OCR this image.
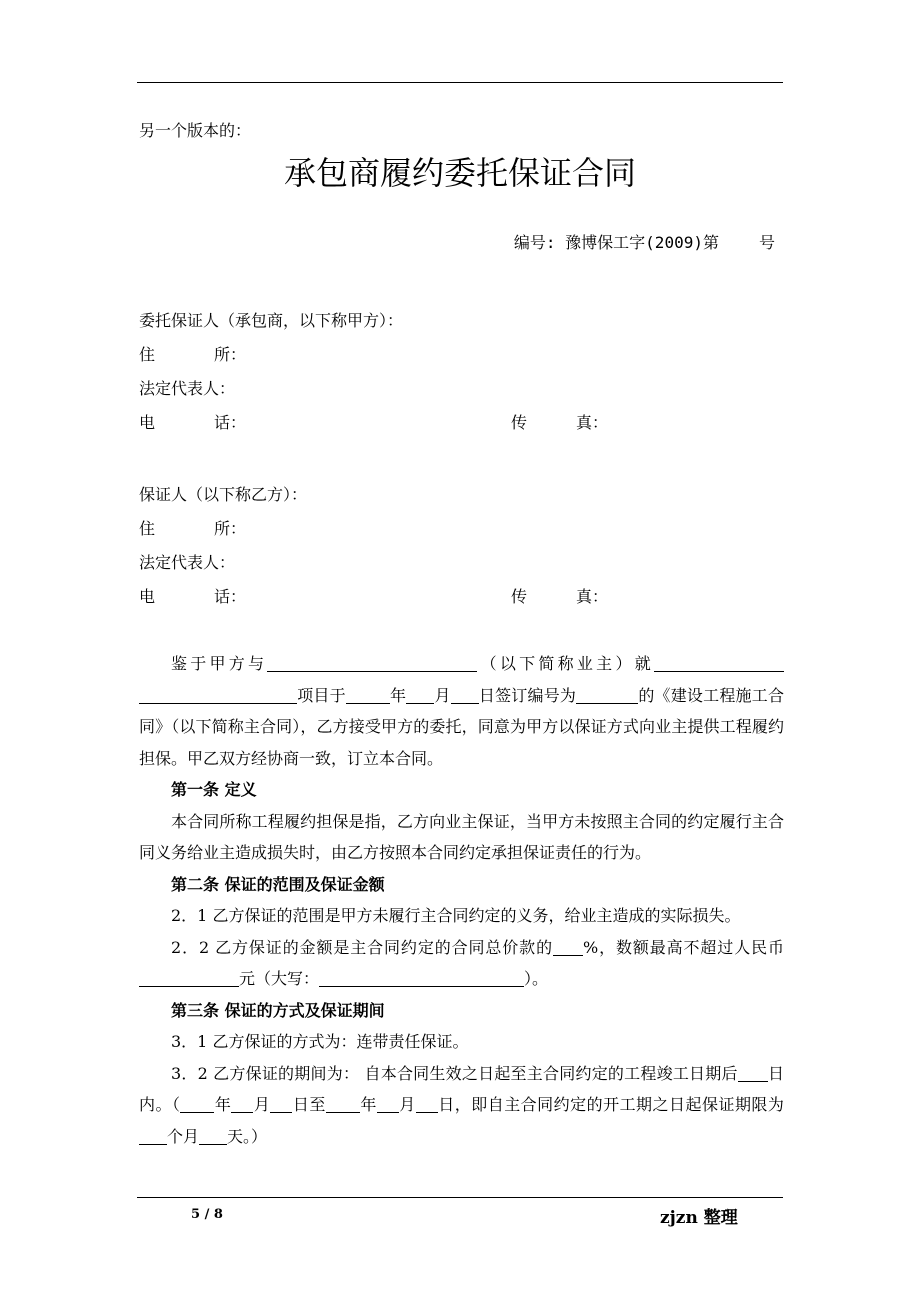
另一个版本的：
承包商履约委托保证合同
编号: 豫博保工字(2009)第	号
委托保证人（承包商，以下称甲方）：
住	所：
法定代表人：
电	话：	传	真：
保证人（以下称乙方）：
住	所：
法定代表人：
电	话：	传	真：

鉴于甲方与	（以下简称业主）就项目于	年 月 日签订编号为	的《建设工程施工合同》（以下简称主合同），乙方接受甲方的委托，同意为甲方以保证方式向业主提供工程履约担保。甲乙双方经协商一致，订立本合同。

第一条 定义

本合同所称工程履约担保是指，乙方向业主保证，当甲方未按照主合同的约定履行主合同义务给业主造成损失时，由乙方按照本合同约定承担保证责任的行为。

第二条 保证的范围及保证金额

2．1 乙方保证的范围是甲方未履行主合同约定的义务，给业主造成的实际损失。

2．2 乙方保证的金额是主合同约定的合同总价款的 %，数额最高不超过人民币元（大写：	）。

第三条 保证的方式及保证期间

3．1 乙方保证的方式为：连带责任保证。

3．2 乙方保证的期间为： 自本合同生效之日起至主合同约定的工程竣工日期后 日内。（ 年 月 日至 年 月 日，即自主合同约定的开工期之日起保证期限为个月 天。）

5 / 8	zjzn 整理
